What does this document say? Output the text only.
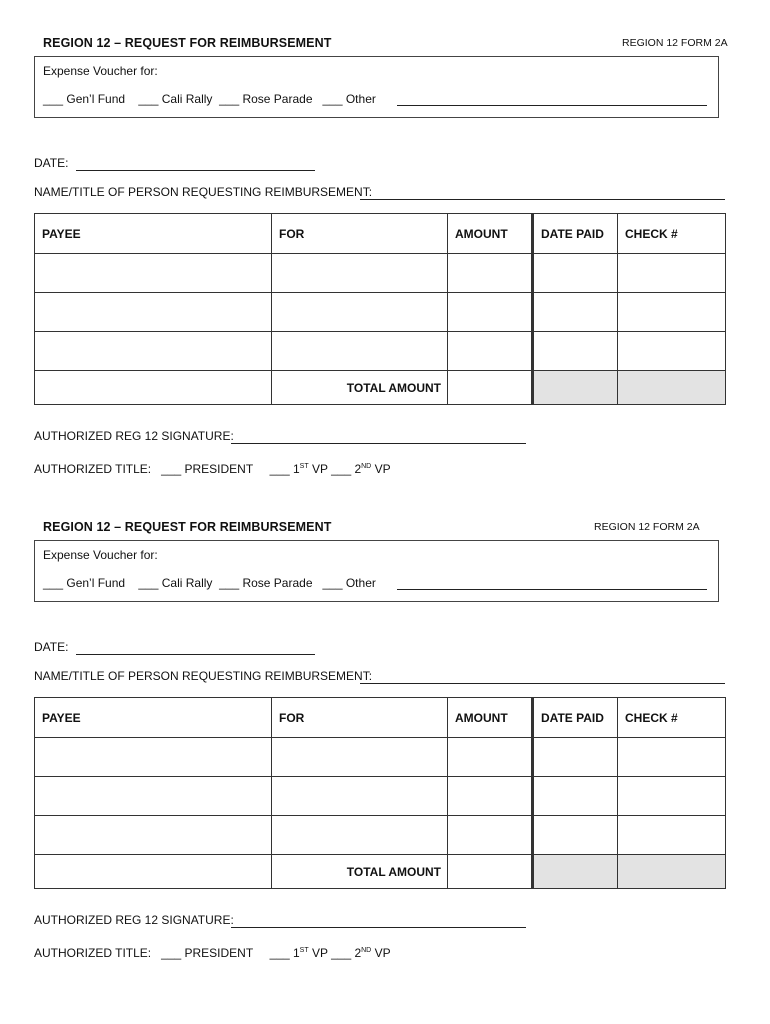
REGION 12 – REQUEST FOR REIMBURSEMENT	REGION 12 FORM 2A
Expense Voucher for:
___ Gen’l Fund    ___ Cali Rally  ___ Rose Parade   ___ Other
DATE:
NAME/TITLE OF PERSON REQUESTING REIMBURSEMENT:
PAYEE	FOR	AMOUNT	DATE PAID	CHECK #

	TOTAL AMOUNT			
AUTHORIZED REG 12 SIGNATURE:
AUTHORIZED TITLE: ___ PRESIDENT ___ 1ST VP ___ 2ND VP
REGION 12 – REQUEST FOR REIMBURSEMENT	REGION 12 FORM 2A
Expense Voucher for:
___ Gen’l Fund    ___ Cali Rally  ___ Rose Parade   ___ Other
DATE:
NAME/TITLE OF PERSON REQUESTING REIMBURSEMENT:
PAYEE	FOR	AMOUNT	DATE PAID	CHECK #

	TOTAL AMOUNT			
AUTHORIZED REG 12 SIGNATURE:
AUTHORIZED TITLE: ___ PRESIDENT ___ 1ST VP ___ 2ND VP
